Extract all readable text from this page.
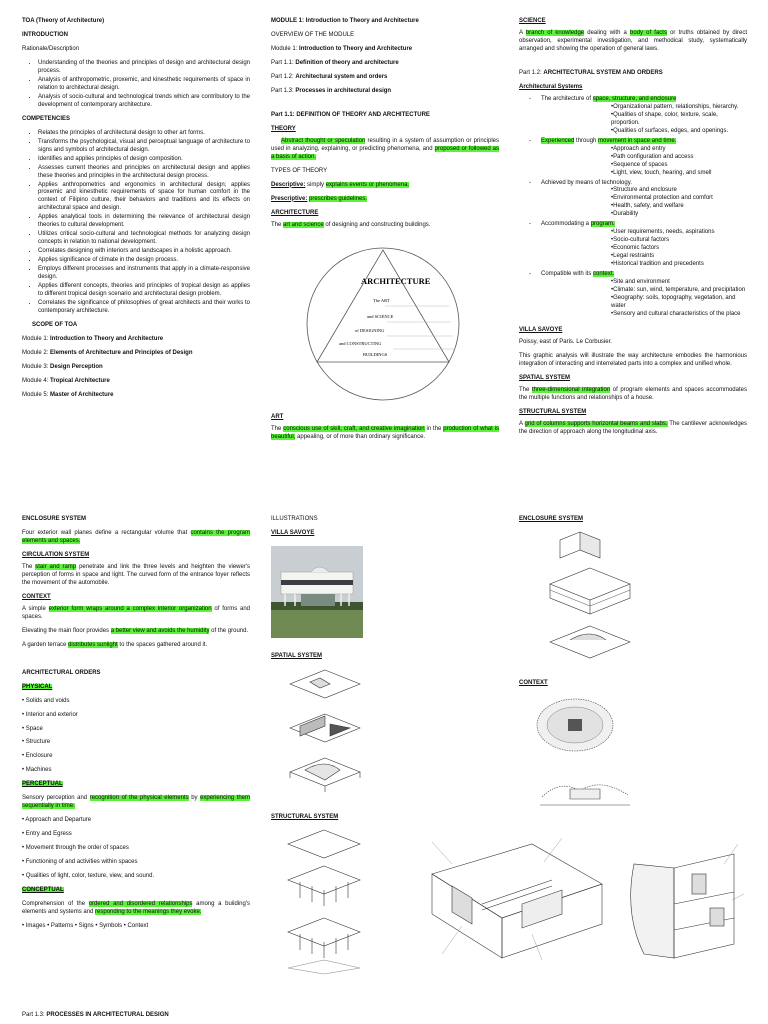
TOA (Theory of Architecture)
INTRODUCTION
Rationale/Description
• Understanding of the theories and principles of design and architectural design process.
• Analysis of anthropometric, proxemic, and kinesthetic requirements of space in relation to architectural design.
• Analysis of socio-cultural and technological trends which are contributory to the development of contemporary architecture.
COMPETENCIES
• Relates the principles of architectural design to other art forms.
• Transforms the psychological, visual and perceptual language of architecture to signs and symbols of architectural design.
• Identifies and applies principles of design composition.
• Assesses current theories and principles on architectural design and applies these theories and principles in the architectural design process.
• Applies anthropometrics and ergonomics in architectural design; applies proxemic and kinesthetic requirements of space for human comfort in the context of Filipino culture, their behaviors and traditions and its effects on architectural space and design.
• Applies analytical tools in determining the relevance of architectural design theories to cultural development.
• Utilizes critical socio-cultural and technological methods for analyzing design concepts in relation to national development.
• Correlates designing with interiors and landscapes in a holistic approach.
• Applies significance of climate in the design process.
• Employs different processes and instruments that apply in a climate-responsive design.
• Applies different concepts, theories and principles of tropical design as applies to different tropical design scenario and architectural design problem.
• Correlates the significance of philosophies of great architects and their works to contemporary architecture.
SCOPE OF TOA
Module 1: Introduction to Theory and Architecture
Module 2: Elements of Architecture and Principles of Design
Module 3: Design Perception
Module 4: Tropical Architecture
Module 5: Master of Architecture
MODULE 1: Introduction to Theory and Architecture
OVERVIEW OF THE MODULE
Module 1: Introduction to Theory and Architecture
Part 1.1: Definition of theory and architecture
Part 1.2: Architectural system and orders
Part 1.3: Processes in architectural design
Part 1.1: DEFINITION OF THEORY AND ARCHITECTURE
THEORY
Abstract thought or speculation resulting in a system of assumption or principles used in analyzing, explaining, or predicting phenomena, and proposed or followed as a basis of action.
TYPES OF THEORY
Descriptive: simply explains events or phenomena.
Prescriptive: prescribes guidelines.
ARCHITECTURE
The art and science of designing and constructing buildings.
ARCHITECTURE
The ART
and SCIENCE
of DESIGNING
and CONSTRUCTING
BUILDINGS
ART
The conscious use of skill, craft, and creative imagination in the production of what is beautiful, appealing, or of more than ordinary significance.
SCIENCE
A branch of knowledge dealing with a body of facts or truths obtained by direct observation, experimental investigation, and methodical study, systematically arranged and showing the operation of general laws.
Part 1.2: ARCHITECTURAL SYSTEM AND ORDERS
Architectural Systems
- The architecture of space, structure, and enclosure
• Organizational pattern, relationships, hierarchy.
• Qualities of shape, color, texture, scale, proportion.
• Qualities of surfaces, edges, and openings.
- Experienced through movement in space and time.
• Approach and entry
• Path configuration and access
• Sequence of spaces
• Light, view, touch, hearing, and smell
- Achieved by means of technology.
• Structure and enclosure
• Environmental protection and comfort
• Health, safety, and welfare
• Durability
- Accommodating a program.
• User requirements, needs, aspirations
• Socio-cultural factors
• Economic factors
• Legal restraints
• Historical tradition and precedents
- Compatible with its context.
• Site and environment
• Climate: sun, wind, temperature, and precipitation
• Geography: soils, topography, vegetation, and water
• Sensory and cultural characteristics of the place
VILLA SAVOYE
Poissy, east of Paris. Le Corbusier.
This graphic analysis will illustrate the way architecture embodies the harmonious integration of interacting and interrelated parts into a complex and unified whole.
SPATIAL SYSTEM
The three-dimensional integration of program elements and spaces accommodates the multiple functions and relationships of a house.
STRUCTURAL SYSTEM
A grid of columns supports horizontal beams and slabs. The cantilever acknowledges the direction of approach along the longitudinal axis.
ENCLOSURE SYSTEM
Four exterior wall planes define a rectangular volume that contains the program elements and spaces.
CIRCULATION SYSTEM
The stair and ramp penetrate and link the three levels and heighten the viewer's perception of forms in space and light. The curved form of the entrance foyer reflects the movement of the automobile.
CONTEXT
A simple exterior form wraps around a complex interior organization of forms and spaces.
Elevating the main floor provides a better view and avoids the humidity of the ground.
A garden terrace distributes sunlight to the spaces gathered around it.
ARCHITECTURAL ORDERS
PHYSICAL
• Solids and voids
• Interior and exterior
• Space
• Structure
• Enclosure
• Machines
PERCEPTUAL
Sensory perception and recognition of the physical elements by experiencing them sequentially in time.
• Approach and Departure
• Entry and Egress
• Movement through the order of spaces
• Functioning of and activities within spaces
• Qualities of light, color, texture, view, and sound.
CONCEPTUAL
Comprehension of the ordered and disordered relationships among a building's elements and systems and responding to the meanings they evoke.
• Images • Patterns • Signs • Symbols • Context
ILLUSTRATIONS
VILLA SAVOYE
SPATIAL SYSTEM
STRUCTURAL SYSTEM
ENCLOSURE SYSTEM
CONTEXT
Part 1.3: PROCESSES IN ARCHITECTURAL DESIGN
